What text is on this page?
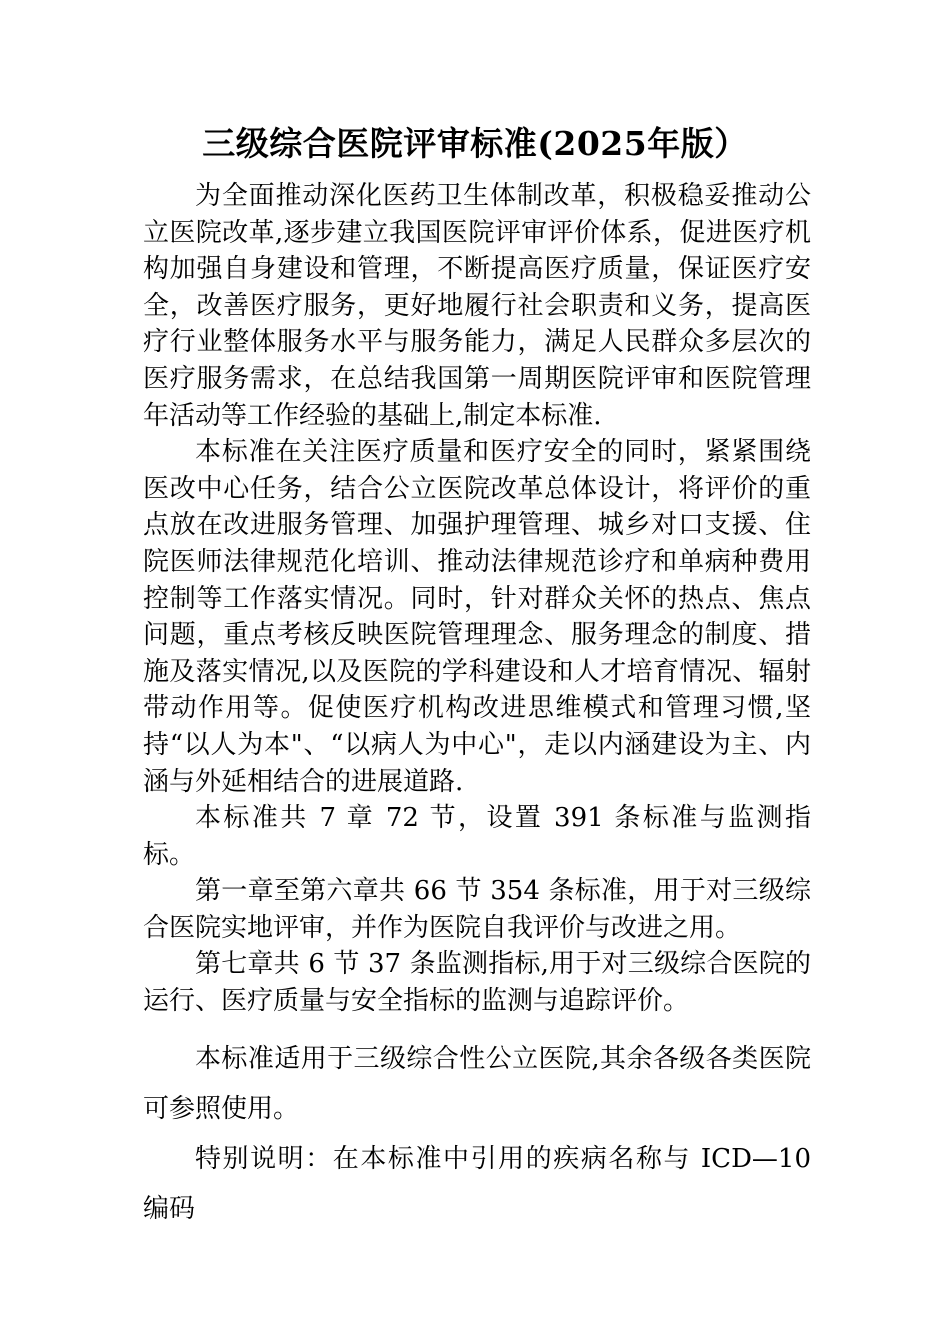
三级综合医院评审标准(2025年版）

为全面推动深化医药卫生体制改革，积极稳妥推动公立医院改革,逐步建立我国医院评审评价体系，促进医疗机构加强自身建设和管理，不断提高医疗质量，保证医疗安全，改善医疗服务，更好地履行社会职责和义务，提高医疗行业整体服务水平与服务能力，满足人民群众多层次的医疗服务需求，在总结我国第一周期医院评审和医院管理年活动等工作经验的基础上,制定本标准.

本标准在关注医疗质量和医疗安全的同时，紧紧围绕医改中心任务，结合公立医院改革总体设计，将评价的重点放在改进服务管理、加强护理管理、城乡对口支援、住院医师法律规范化培训、推动法律规范诊疗和单病种费用控制等工作落实情况。同时，针对群众关怀的热点、焦点问题，重点考核反映医院管理理念、服务理念的制度、措施及落实情况,以及医院的学科建设和人才培育情况、辐射带动作用等。促使医疗机构改进思维模式和管理习惯,坚持“以人为本"、“以病人为中心"，走以内涵建设为主、内涵与外延相结合的进展道路.

本标准共 7 章 72 节，设置 391 条标准与监测指标。

第一章至第六章共 66 节 354 条标准，用于对三级综合医院实地评审，并作为医院自我评价与改进之用。

第七章共 6 节 37 条监测指标,用于对三级综合医院的运行、医疗质量与安全指标的监测与追踪评价。

本标准适用于三级综合性公立医院,其余各级各类医院可参照使用。

特别说明：在本标准中引用的疾病名称与 ICD—10 编码
